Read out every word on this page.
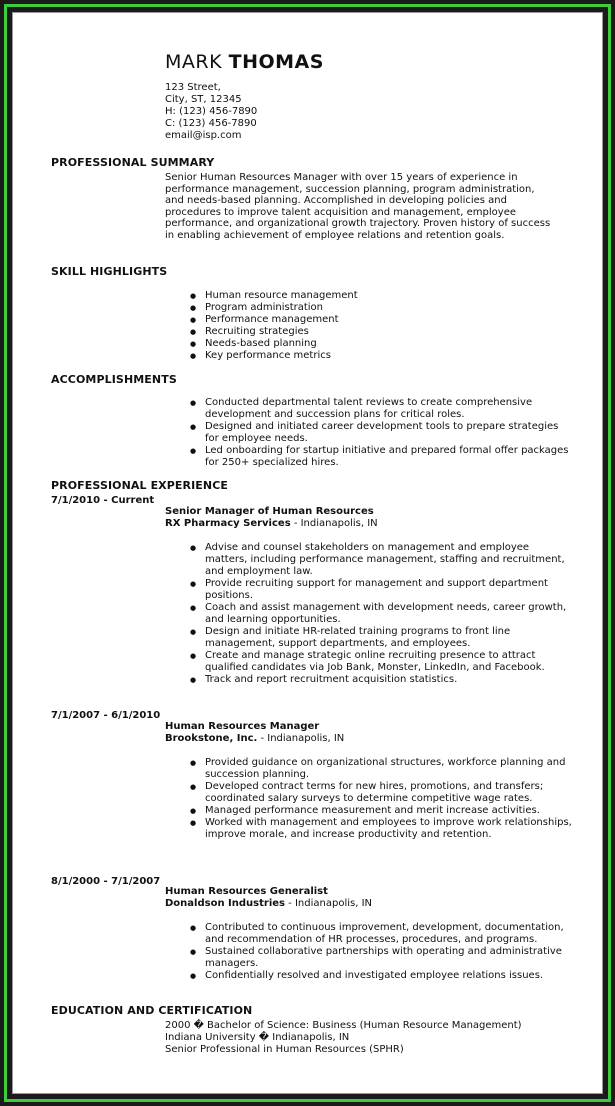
MARK THOMAS
123 Street,
City, ST, 12345
H: (123) 456-7890
C: (123) 456-7890
email@isp.com
PROFESSIONAL SUMMARY
Senior Human Resources Manager with over 15 years of experience in performance management, succession planning, program administration, and needs-based planning. Accomplished in developing policies and procedures to improve talent acquisition and management, employee performance, and organizational growth trajectory. Proven history of success in enabling achievement of employee relations and retention goals.
SKILL HIGHLIGHTS
● Human resource management
● Program administration
● Performance management
● Recruiting strategies
● Needs-based planning
● Key performance metrics
ACCOMPLISHMENTS
● Conducted departmental talent reviews to create comprehensive development and succession plans for critical roles.
● Designed and initiated career development tools to prepare strategies for employee needs.
● Led onboarding for startup initiative and prepared formal offer packages for 250+ specialized hires.
PROFESSIONAL EXPERIENCE
7/1/2010 - Current
Senior Manager of Human Resources
RX Pharmacy Services - Indianapolis, IN
● Advise and counsel stakeholders on management and employee matters, including performance management, staffing and recruitment, and employment law.
● Provide recruiting support for management and support department positions.
● Coach and assist management with development needs, career growth, and learning opportunities.
● Design and initiate HR-related training programs to front line management, support departments, and employees.
● Create and manage strategic online recruiting presence to attract qualified candidates via Job Bank, Monster, LinkedIn, and Facebook.
● Track and report recruitment acquisition statistics.
7/1/2007 - 6/1/2010
Human Resources Manager
Brookstone, Inc. - Indianapolis, IN
● Provided guidance on organizational structures, workforce planning and succession planning.
● Developed contract terms for new hires, promotions, and transfers; coordinated salary surveys to determine competitive wage rates.
● Managed performance measurement and merit increase activities.
● Worked with management and employees to improve work relationships, improve morale, and increase productivity and retention.
8/1/2000 - 7/1/2007
Human Resources Generalist
Donaldson Industries - Indianapolis, IN
● Contributed to continuous improvement, development, documentation, and recommendation of HR processes, procedures, and programs.
● Sustained collaborative partnerships with operating and administrative managers.
● Confidentially resolved and investigated employee relations issues.
EDUCATION AND CERTIFICATION
2000 � Bachelor of Science: Business (Human Resource Management)
Indiana University � Indianapolis, IN
Senior Professional in Human Resources (SPHR)
